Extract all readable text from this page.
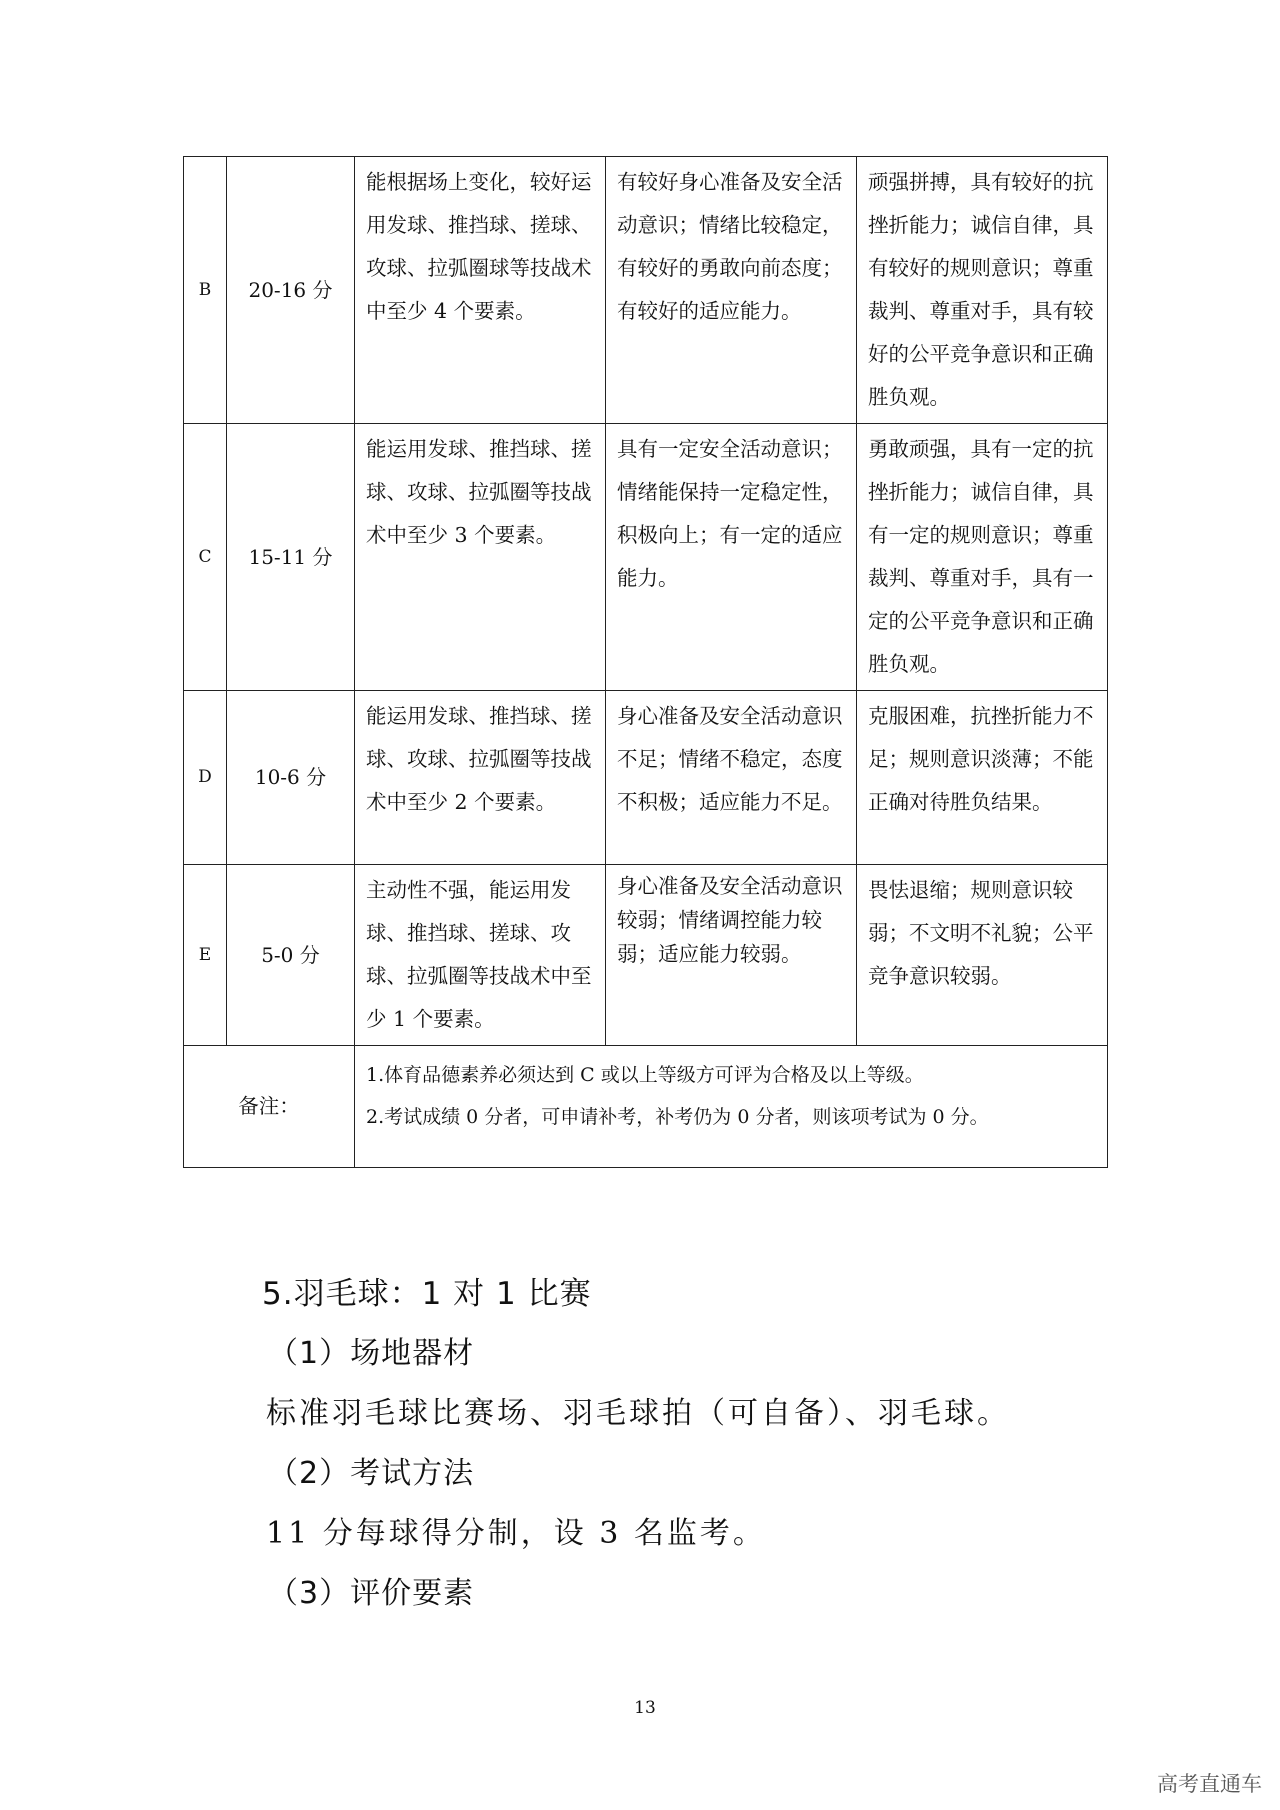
B	20-16 分	能根据场上变化，较好运用发球、推挡球、搓球、攻球、拉弧圈球等技战术中至少 4 个要素。	有较好身心准备及安全活动意识；情绪比较稳定，有较好的勇敢向前态度；有较好的适应能力。	顽强拼搏，具有较好的抗挫折能力；诚信自律，具有较好的规则意识；尊重裁判、尊重对手，具有较好的公平竞争意识和正确胜负观。
C	15-11 分	能运用发球、推挡球、搓球、攻球、拉弧圈等技战术中至少 3 个要素。	具有一定安全活动意识；情绪能保持一定稳定性，积极向上；有一定的适应能力。	勇敢顽强，具有一定的抗挫折能力；诚信自律，具有一定的规则意识；尊重裁判、尊重对手，具有一定的公平竞争意识和正确胜负观。
D	10-6 分	能运用发球、推挡球、搓球、攻球、拉弧圈等技战术中至少 2 个要素。	身心准备及安全活动意识不足；情绪不稳定，态度不积极；适应能力不足。	克服困难，抗挫折能力不足；规则意识淡薄；不能正确对待胜负结果。
E	5-0 分	主动性不强，能运用发球、推挡球、搓球、攻球、拉弧圈等技战术中至少 1 个要素。	身心准备及安全活动意识较弱；情绪调控能力较弱；适应能力较弱。	畏怯退缩；规则意识较弱；不文明不礼貌；公平竞争意识较弱。
备注：		1.体育品德素养必须达到 C 或以上等级方可评为合格及以上等级。
2.考试成绩 0 分者，可申请补考，补考仍为 0 分者，则该项考试为 0 分。		
5.羽毛球：1 对 1 比赛
（1）场地器材
标准羽毛球比赛场、羽毛球拍（可自备）、羽毛球。
（2）考试方法
11 分每球得分制，设 3 名监考。
（3）评价要素
13
高考直通车
